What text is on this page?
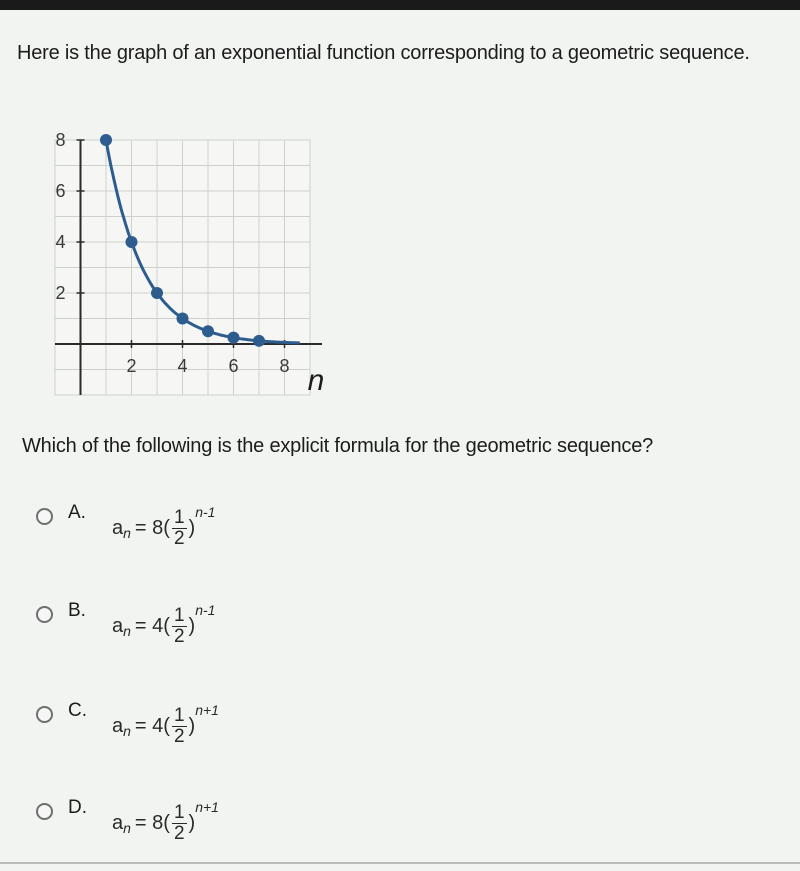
Here is the graph of an exponential function corresponding to a geometric sequence.
2 4 6 8
2
4
6
8
n
Which of the following is the explicit formula for the geometric sequence?
A.
$a_n = 8( \frac{1}{2}$ )
n-1
B.
$a_n = 4( \frac{1}{2}$ )
n-1
C.
$a_n = 4( \frac{1}{2}$ )
n+1
D.
$a_n = 8( \frac{1}{2}$ )
n+1
